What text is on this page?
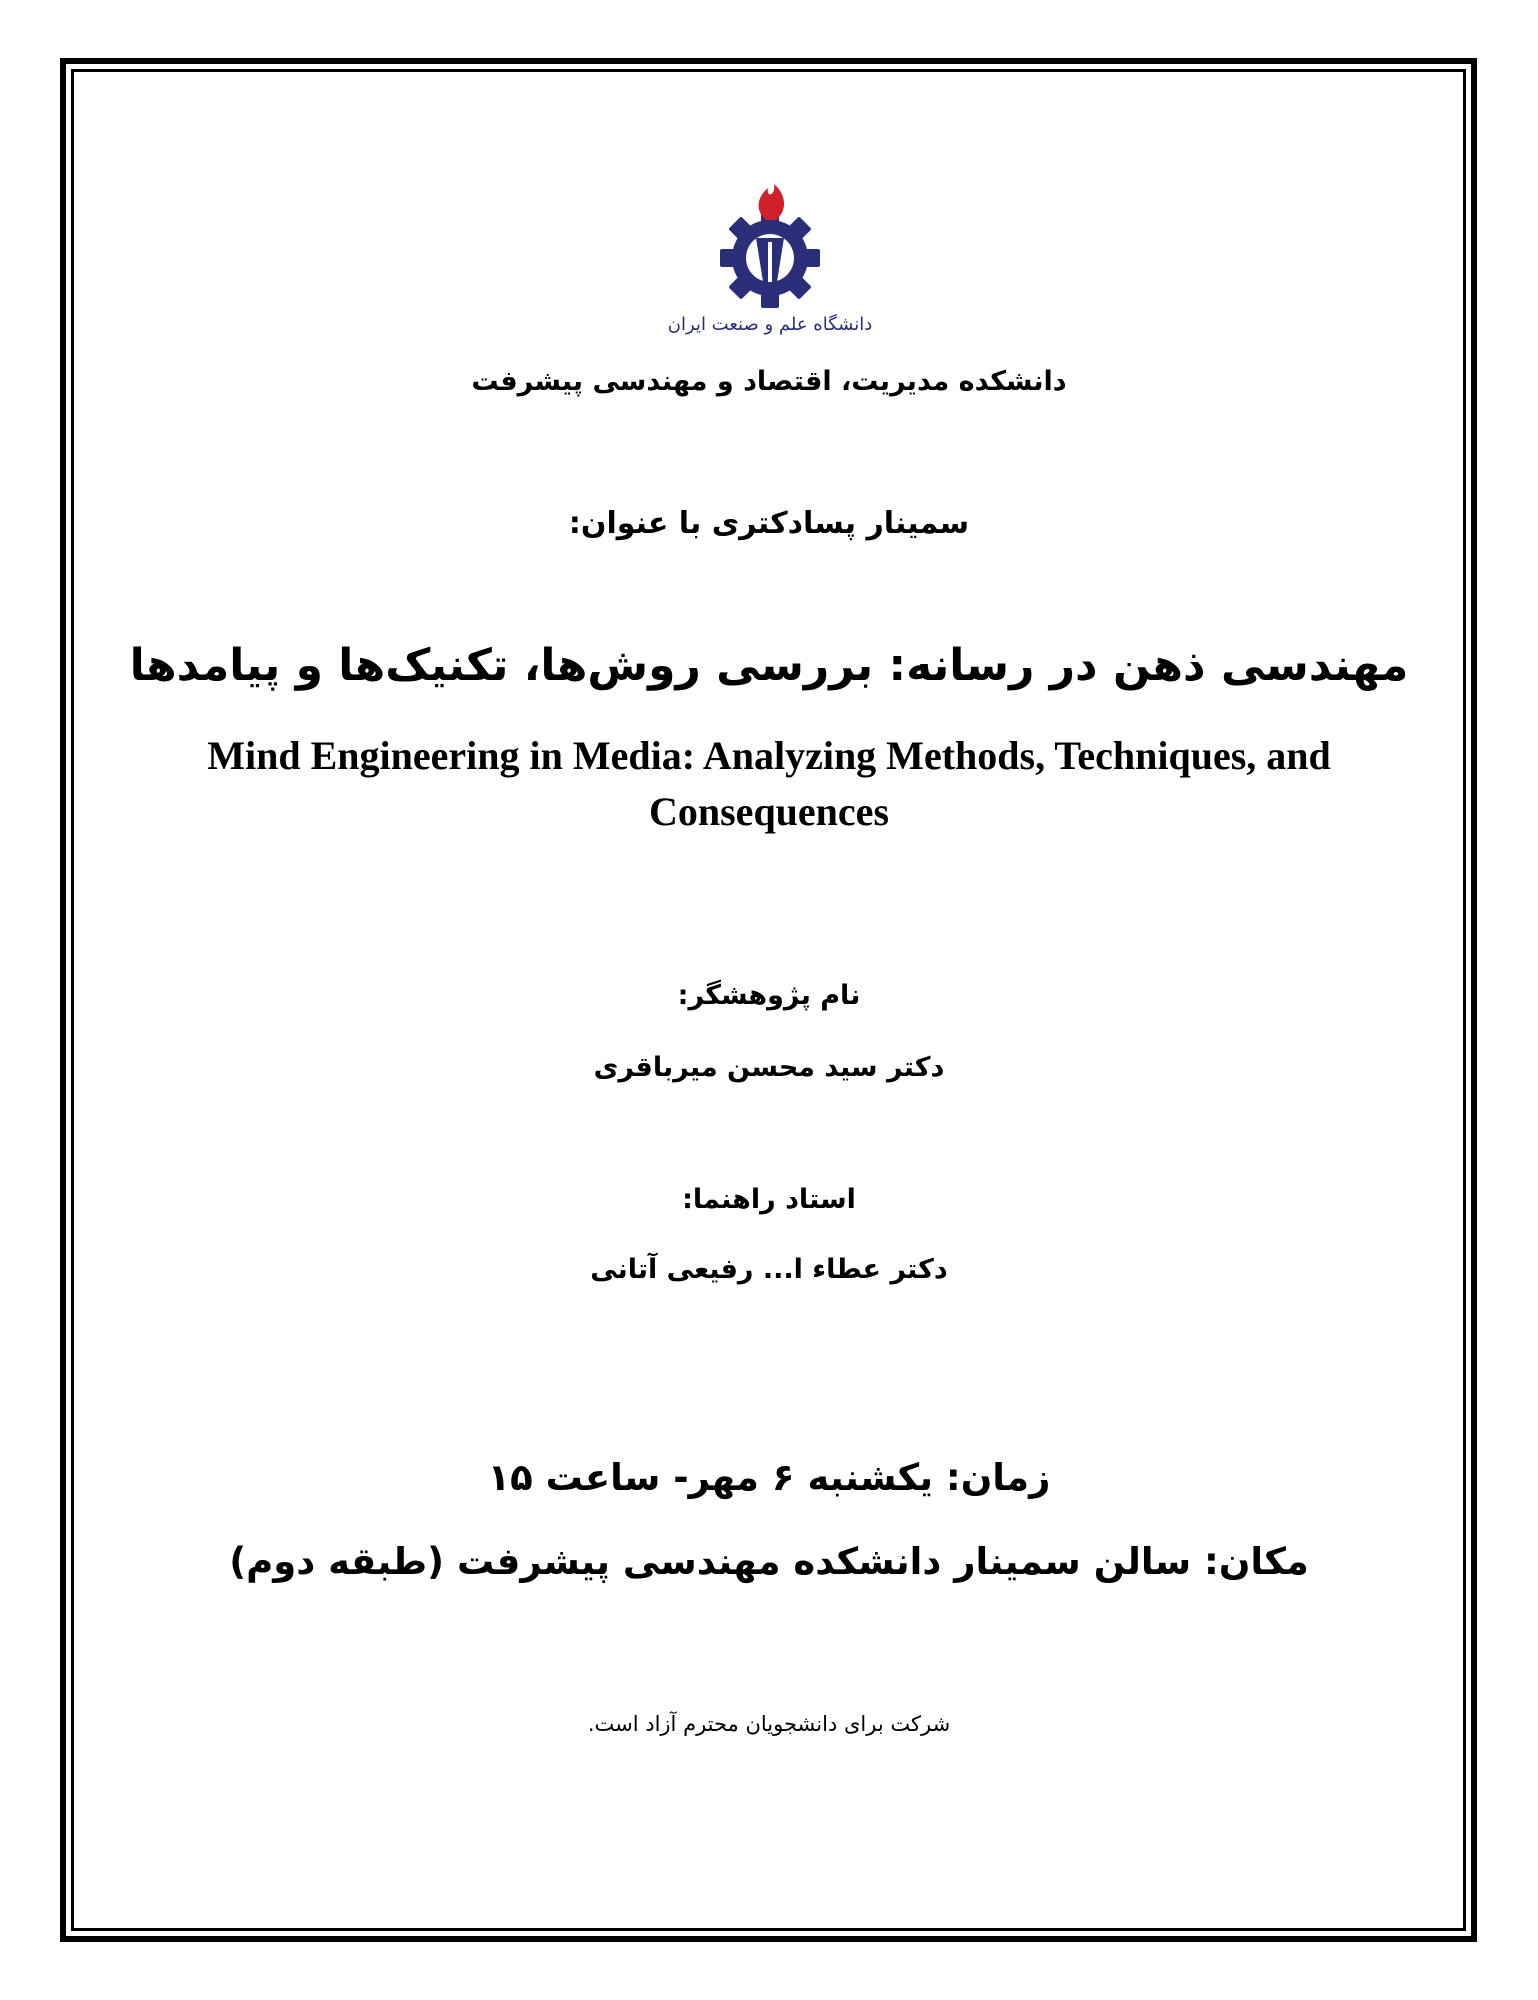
دانشگاه علم و صنعت ایران
دانشکده مدیریت، اقتصاد و مهندسی پیشرفت
سمینار پسادکتری با عنوان:
مهندسی ذهن در رسانه: بررسی روش‌ها، تکنیک‌ها و پیامدها
Mind Engineering in Media: Analyzing Methods, Techniques, and
Consequences
نام پژوهشگر:
دکتر سید محسن میرباقری
استاد راهنما:
دکتر عطاء ا... رفیعی آتانی
زمان: یکشنبه ۶ مهر- ساعت ۱۵
مکان: سالن سمینار دانشکده مهندسی پیشرفت (طبقه دوم)
شرکت برای دانشجویان محترم آزاد است.
